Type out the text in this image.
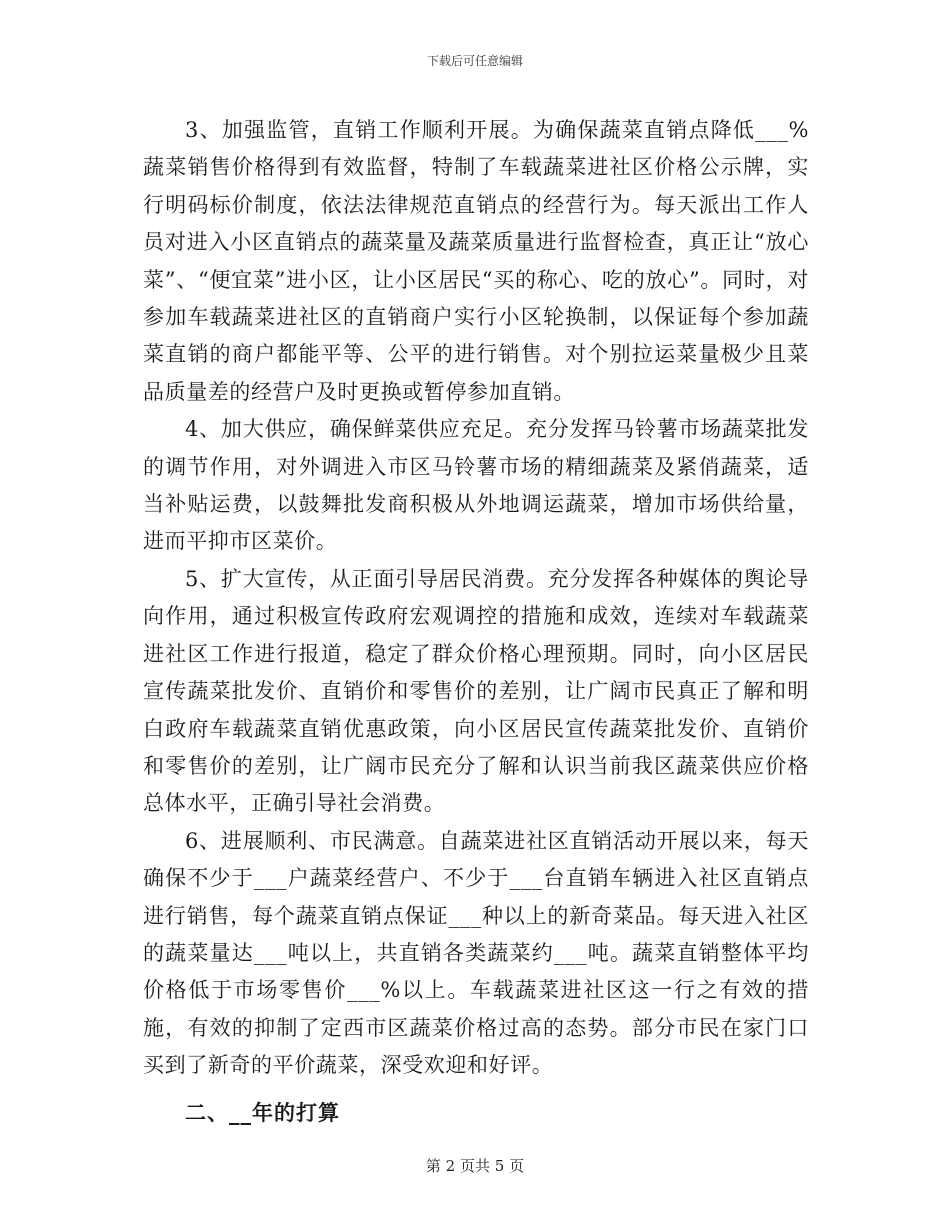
下载后可任意编辑

3、加强监管，直销工作顺利开展。为确保蔬菜直销点降低___%蔬菜销售价格得到有效监督，特制了车载蔬菜进社区价格公示牌，实行明码标价制度，依法法律规范直销点的经营行为。每天派出工作人员对进入小区直销点的蔬菜量及蔬菜质量进行监督检查，真正让“放心菜”、“便宜菜”进小区，让小区居民“买的称心、吃的放心”。同时，对参加车载蔬菜进社区的直销商户实行小区轮换制，以保证每个参加蔬菜直销的商户都能平等、公平的进行销售。对个别拉运菜量极少且菜品质量差的经营户及时更换或暂停参加直销。

4、加大供应，确保鲜菜供应充足。充分发挥马铃薯市场蔬菜批发的调节作用，对外调进入市区马铃薯市场的精细蔬菜及紧俏蔬菜，适当补贴运费，以鼓舞批发商积极从外地调运蔬菜，增加市场供给量，进而平抑市区菜价。

5、扩大宣传，从正面引导居民消费。充分发挥各种媒体的舆论导向作用，通过积极宣传政府宏观调控的措施和成效，连续对车载蔬菜进社区工作进行报道，稳定了群众价格心理预期。同时，向小区居民宣传蔬菜批发价、直销价和零售价的差别，让广阔市民真正了解和明白政府车载蔬菜直销优惠政策，向小区居民宣传蔬菜批发价、直销价和零售价的差别，让广阔市民充分了解和认识当前我区蔬菜供应价格总体水平，正确引导社会消费。

6、进展顺利、市民满意。自蔬菜进社区直销活动开展以来，每天确保不少于___户蔬菜经营户、不少于___台直销车辆进入社区直销点进行销售，每个蔬菜直销点保证___种以上的新奇菜品。每天进入社区的蔬菜量达___吨以上，共直销各类蔬菜约___吨。蔬菜直销整体平均价格低于市场零售价___%以上。车载蔬菜进社区这一行之有效的措施，有效的抑制了定西市区蔬菜价格过高的态势。部分市民在家门口买到了新奇的平价蔬菜，深受欢迎和好评。

二、__年的打算

第 2 页共 5 页
